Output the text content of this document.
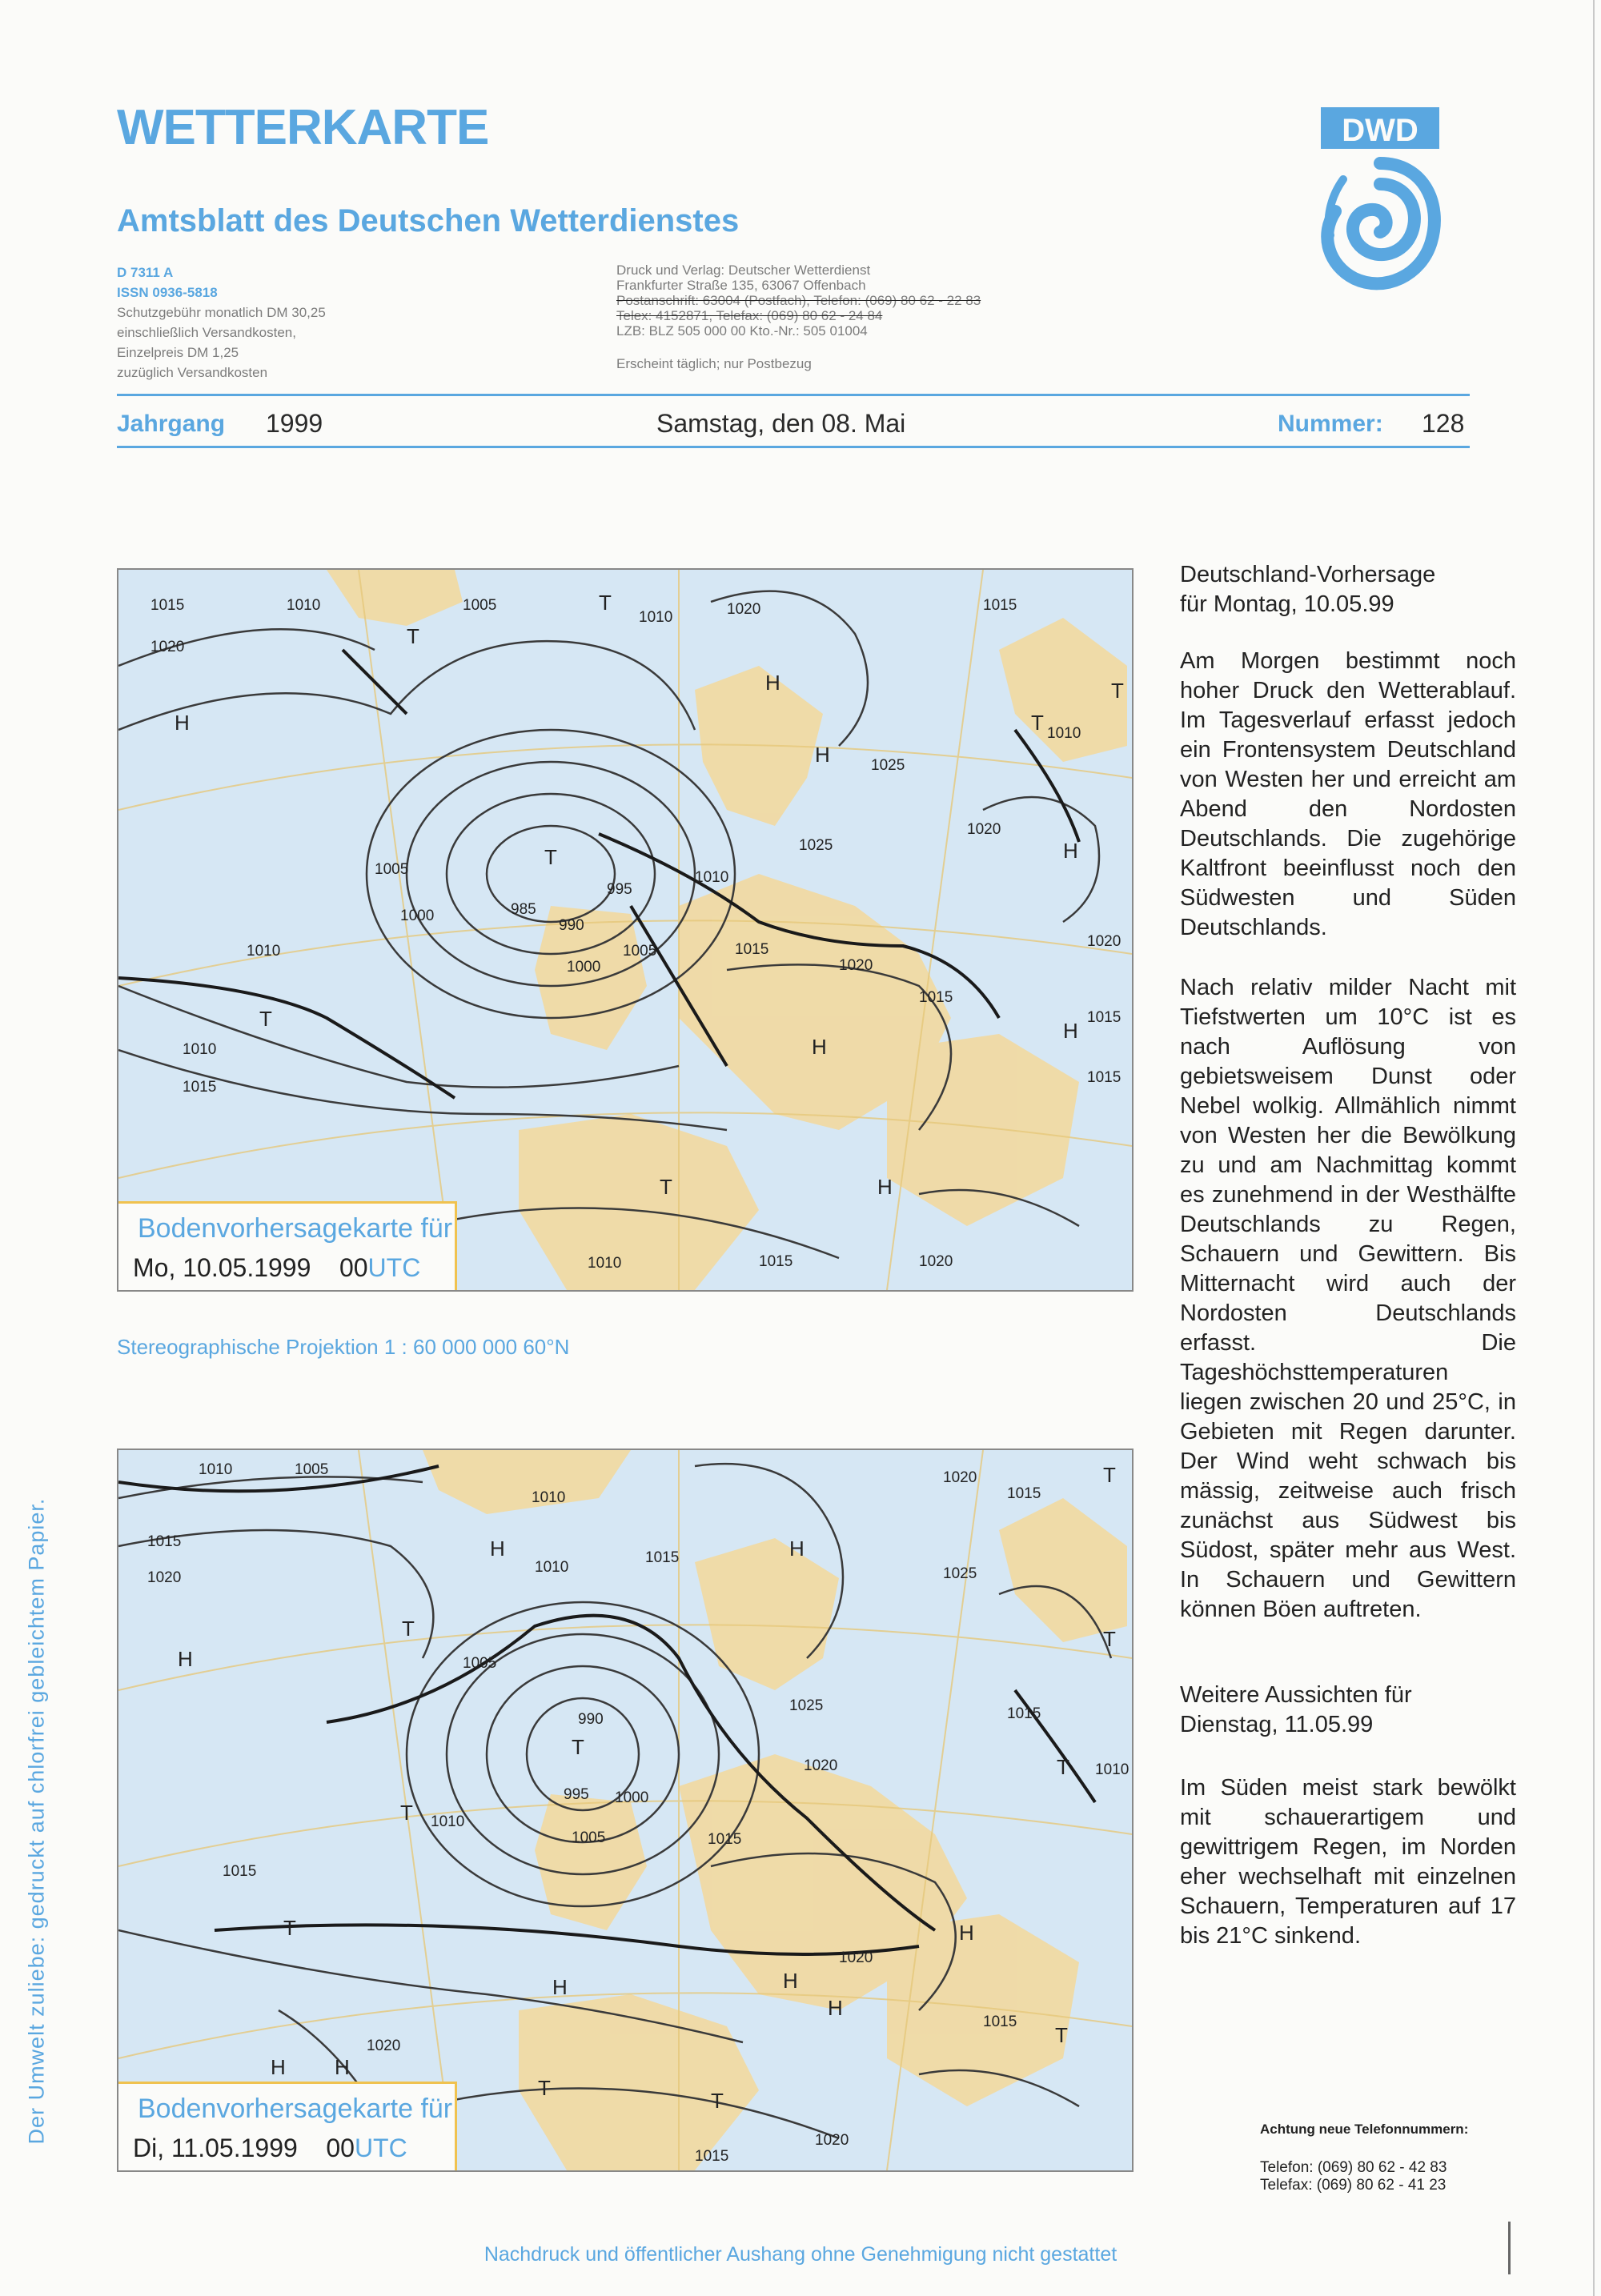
WETTERKARTE
Amtsblatt des Deutschen Wetterdienstes
DWD
D 7311 A
ISSN 0936-5818
Schutzgebühr monatlich DM 30,25
einschließlich Versandkosten,
Einzelpreis DM 1,25
zuzüglich Versandkosten
Druck und Verlag: Deutscher Wetterdienst
Frankfurter Straße 135, 63067 Offenbach
Postanschrift: 63004 (Postfach), Telefon: (069) 80 62 - 22 83
Telex: 4152871, Telefax: (069) 80 62 - 24 84
LZB: BLZ 505 000 00 Kto.-Nr.: 505 01004
Erscheint täglich; nur Postbezug
Jahrgang 1999	Samstag, den 08. Mai	Nummer: 128
1015	1010	1005	T
1010	1020	1015
1020
H
H
H	1025
T 1010
T
1025
1020
H
1005
995
1010
1000	985
990
1015
1020
1010
1000
1005
1015
T
1015
H
1010
1015
H
H
1015
1010	1015	1020
1020
T
T
T
Bodenvorhersagekarte für
Mo, 10.05.1999 00UTC
Stereographische Projektion 1 : 60 000 000 60°N
1010	1005
1010
1020
1015
T
1015	H	H
1020
1010
1015
1025
H
T
1005
990
T
1025
T
1015
1010
995 1000
1020
1010
1005	1015
T
1015
H
T
H
1020
H
H
1015
1020
H H
T
T
1020
1015
T
T
Bodenvorhersagekarte für
Di, 11.05.1999 00UTC
Der Umwelt zuliebe: gedruckt auf chlorfrei gebleichtem Papier.
Deutschland-Vorhersage
für Montag, 10.05.99

Am Morgen bestimmt noch hoher Druck den Wetterablauf. Im Tagesverlauf erfasst jedoch ein Frontensystem Deutschland von Westen her und erreicht am Abend den Nordosten Deutschlands. Die zugehörige Kaltfront beeinflusst noch den Südwesten und Süden Deutschlands.

Nach relativ milder Nacht mit Tiefstwerten um 10°C ist es nach Auflösung von gebietsweisem Dunst oder Nebel wolkig. Allmählich nimmt von Westen her die Bewölkung zu und am Nachmittag kommt es zunehmend in der Westhälfte Deutschlands zu Regen, Schauern und Gewittern. Bis Mitternacht wird auch der Nordosten Deutschlands erfasst. Die Tageshöchsttemperaturen liegen zwischen 20 und 25°C, in Gebieten mit Regen darunter. Der Wind weht schwach bis mässig, zeitweise auch frisch zunächst aus Südwest bis Südost, später mehr aus West. In Schauern und Gewittern können Böen auftreten.

Weitere Aussichten für
Dienstag, 11.05.99

Im Süden meist stark bewölkt mit schauerartigem und gewittrigem Regen, im Norden eher wechselhaft mit einzelnen Schauern, Temperaturen auf 17 bis 21°C sinkend.

Achtung neue Telefonnummern:
Telefon: (069) 80 62 - 42 83
Telefax: (069) 80 62 - 41 23
Nachdruck und öffentlicher Aushang ohne Genehmigung nicht gestattet
